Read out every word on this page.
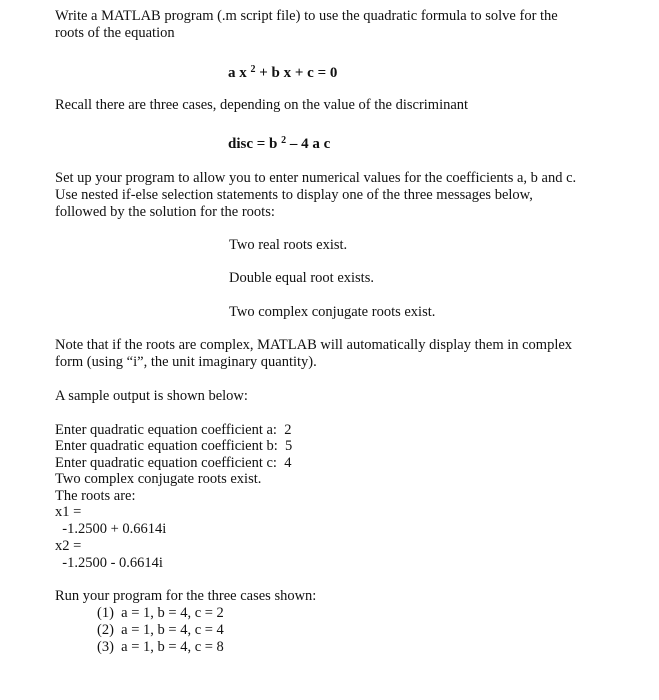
Write a MATLAB program (.m script file) to use the quadratic formula to solve for the
roots of the equation
a x $^2$ + b x + c = 0
Recall there are three cases, depending on the value of the discriminant
disc = b $^2$ – 4 a c
Set up your program to allow you to enter numerical values for the coefficients a, b and c.
Use nested if-else selection statements to display one of the three messages below,
followed by the solution for the roots:
Two real roots exist.
Double equal root exists.
Two complex conjugate roots exist.
Note that if the roots are complex, MATLAB will automatically display them in complex
form (using “i”, the unit imaginary quantity).
A sample output is shown below:
Enter quadratic equation coefficient a:  2
Enter quadratic equation coefficient b:  5
Enter quadratic equation coefficient c:  4
Two complex conjugate roots exist.
The roots are:
x1 =
-1.2500 + 0.6614i
x2 =
-1.2500 - 0.6614i
Run your program for the three cases shown:
(1)  a = 1, b = 4, c = 2
(2)  a = 1, b = 4, c = 4
(3)  a = 1, b = 4, c = 8
